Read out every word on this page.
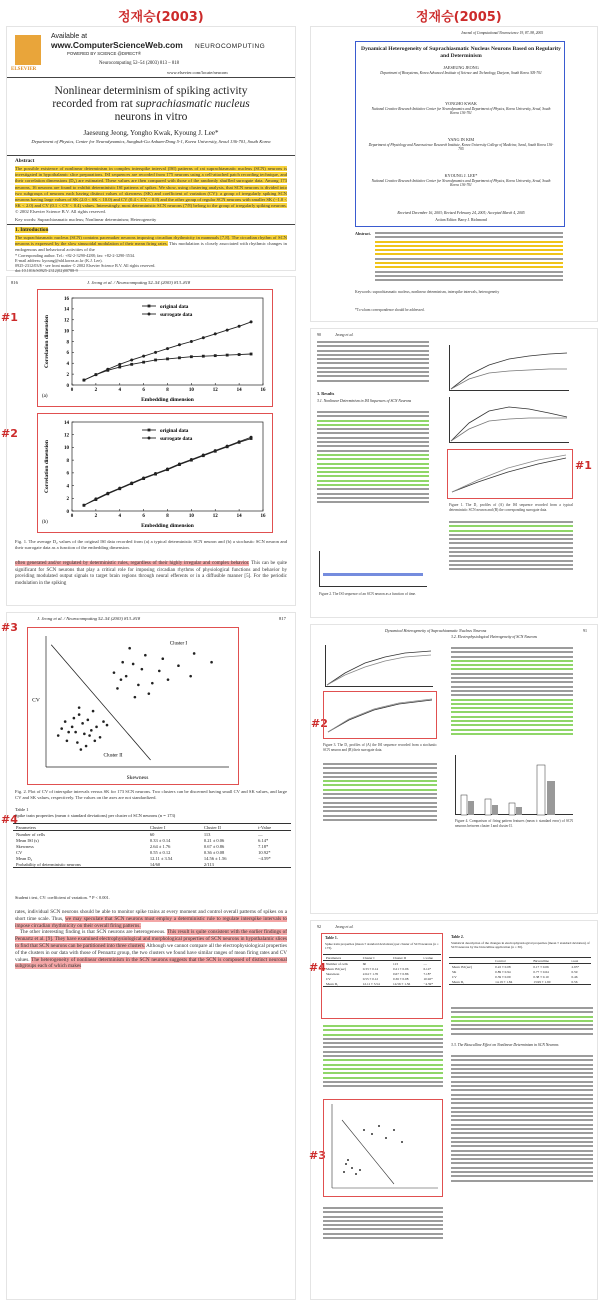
정재승(2003)
ELSEVIER
Available at
www.ComputerScienceWeb.com
POWERED BY SCIENCE @DIRECT®
NEUROCOMPUTING
Neurocomputing 52–54 (2003) 813 – 818
www.elsevier.com/locate/neucom
Nonlinear determinism of spiking activity
recorded from rat suprachiasmatic nucleus
neurons in vitro
Jaeseung Jeong, Yongho Kwak, Kyoung J. Lee*
Department of Physics, Center for Neurodynamics, Sungbuk-Gu Anham-Dong 5-1, Korea University, Seoul 136-701, South Korea
Abstract
The possible existence of nonlinear determinism in complex interspike interval (ISI) patterns of rat suprachiasmatic nucleus (SCN) neurons is investigated in hypothalamic slice preparations. ISI sequences are recorded from 175 neurons using a cell-attached patch recording technique, and their correlation dimensions (D₂) are estimated. These values are then compared with those of the randomly shuffled surrogate data. Among 173 neurons, 16 neurons are found to exhibit deterministic ISI patterns of spikes. We show, using clustering analysis, that SCN neurons is divided into two subgroups of neurons each having distinct values of skewness (SK) and coefficient of variation (CV): a group of irregularly spiking SCN neurons having large values of SK (2.0 < SK < 10.0) and CV (0.4 < CV < 0.8) and the other group of regular SCN neurons with smaller SK (−1.0 < SK < 2.0) and CV (0.1 < CV < 0.4) values. Interestingly, most deterministic SCN neurons (7/8) belong to the group of irregularly spiking neurons. © 2002 Elsevier Science B.V. All rights reserved.
Key words: Suprachiasmatic nucleus; Nonlinear determinism; Heterogeneity
1. Introduction
The suprachiasmatic nucleus (SCN) contains pacemaker neurons imposing circadian rhythmicity in mammals [7,8]. The circadian rhythm of SCN neurons is expressed by the slow sinusoidal modulation of their mean firing rates. This modulation is closely associated with rhythmic changes in endogenous and behavioral activities of the
* Corresponding author. Tel.: +82-2-3290-4288; fax: +82-2-3290-3534.
E-mail address: kyoung@nld.korea.ac.kr (K.J. Lee).
0925-2312/03/$ - see front matter © 2002 Elsevier Science B.V. All rights reserved.
doi:10.1016/S0925-2312(02)00788-9
816	J. Jeong et al. / Neurocomputing 52–54 (2003) 813–818
#1
0	2	4	6	8	10	12	14	16
0
2
4
6
8
10
12
14
16
Embedding dimension
Correlation dimension
(a)
original data
surrogate data
#2
0	2	4	6	8	10	12	14	16
0
2
4
6
8
10
12
14
Embedding dimension
Correlation dimension
(b)
original data
surrogate data
Fig. 1. The average D₂ values of the original ISI data recorded from (a) a typical deterministic SCN neuron and (b) a stochastic SCN neuron and their surrogate data as a function of the embedding dimension.
often generated and/or regulated by deterministic rules, regardless of their highly irregular and complex behavior. This can be quite significant for SCN neurons that play a critical role for imposing circadian rhythms of physiological functions and behavior by providing modulated output signals to target brain regions through neural efferents or in a diffusible manner [5]. For the periodic modulation in the spiking
J. Jeong et al. / Neurocomputing 52–54 (2003) 813–818	817
#3
Cluster I
Cluster II
Skewness
CV
Fig. 2. Plot of CV of interspike intervals versus SK for 173 SCN neurons. Two clusters can be discerned having small CV and SK values, and large CV and SK values, respectively. The values on the axes are not standardized.
#4
Table 1
Spike train properties (mean ± standard deviations) per cluster of SCN neurons (n = 173)
Parameters	Cluster I	Cluster II	t-Value
Number of cells	60	113	—
Mean ISI (s)	0.33 ± 0.14	0.21 ± 0.06	6.14*
Skewness	2.64 ± 1.76	0.67 ± 0.86	7.18*
CV	0.55 ± 0.12	0.36 ± 0.08	10.92*
Mean D₂	12.11 ± 3.54	14.56 ± 1.56	−4.59*
Probability of deterministic neurons	14/60	2/113	
Student t test, CV: coefficient of variation. * P < 0.001.
rates, individual SCN neurons should be able to monitor spike trains at every moment and control overall patterns of spikes on a short time scale. Thus, we may speculate that SCN neurons must employ a deterministic rule to regulate interspike intervals to impose circadian rhythmicity on their overall firing patterns.
The other interesting finding is that SCN neurons are heterogeneous. This result is quite consistent with the earlier findings of Pennartz et al. [9]. They have examined electrophysiological and morphological properties of SCN neurons in hypothalamic slices to find that SCN neurons can be partitioned into three clusters. Although we cannot compare all the electrophysiological properties of the clusters in our data with those of Pennartz group, the two clusters we found have similar ranges of mean firing rates and CV values. The heterogeneity of nonlinear determinism in the SCN neurons suggests that the SCN is composed of distinct neuronal subgroups each of which makes
정재승(2005)
Journal of Computational Neuroscience 19, 87–98, 2005
Dynamical Heterogeneity of Suprachiasmatic Nucleus Neurons Based on Regularity and Determinism
JAESEUNG JEONG
Department of Biosystems, Korea Advanced Institute of Science and Technology, Daejeon, South Korea 305-701
YONGHO KWAK
National Creative Research Initiative Center for Neurodynamics and Department of Physics, Korea University, Seoul, South Korea 136-701
YANG IN KIM
Department of Physiology and Neuroscience Research Institute, Korea University College of Medicine, Seoul, South Korea 136-705
KYOUNG J. LEE*
National Creative Research Initiative Center for Neurodynamics and Department of Physics, Korea University, Seoul, South Korea 136-701
Received December 16, 2003; Revised February 24, 2005; Accepted March 4, 2005
Action Editor: Barry J. Richmond
Abstract.
Keywords: suprachiasmatic nucleus, nonlinear determinism, interspike intervals, heterogeneity
*To whom correspondence should be addressed.
90	Jeong et al.
3. Results
3.1. Nonlinear Determinism in ISI Sequences of SCN Neurons
#1
Figure 1. The D₂ profiles of (A) the ISI sequence recorded from a typical deterministic SCN neuron and (B) the corresponding surrogate data.
Figure 2. The ISI sequence of an SCN neuron as a function of time.
Dynamical Heterogeneity of Suprachiasmatic Nucleus Neurons	91
#2
Figure 3. The D₂ profiles of (A) the ISI sequence recorded from a stochastic SCN neuron and (B) their surrogate data.
3.2. Electrophysiological Heterogeneity of SCN Neurons
Figure 4. Comparison of firing pattern features (mean ± standard error) of SCN neurons between cluster I and cluster II.
92	Jeong et al.
#4
Table 1.
Spike train properties (mean ± standard deviations) per cluster of SCN neurons (n = 173).
Parameters	Cluster I	Cluster II	t-value
Number of cells	60	113	—
Mean ISI (sec)	0.33 ± 0.14	0.21 ± 0.06	6.14*
Skewness	2.64 ± 1.76	0.67 ± 0.86	7.18*
CV	0.55 ± 0.12	0.36 ± 0.08	10.92*
Mean D₂	12.11 ± 3.54	14.56 ± 1.56	−4.59*
Table 2.
Statistical description of the changes in electrophysiological properties (mean ± standard deviation) of SCN neurons by the bicuculline application (n = 30).
	Control	Bicuculline	t-test
Mean ISI (sec)	0.22 ± 0.08	0.17 ± 0.06	2.95*
SK	0.89 ± 0.94	0.77 ± 0.64	0.59
CV	0.39 ± 0.09	0.38 ± 0.10	0.46
Mean D₂	14.19 ± 1.84	13.99 ± 1.90	0.56
3.3. The Bicuculline Effect on Nonlinear Determinism in SCN Neurons
#3
